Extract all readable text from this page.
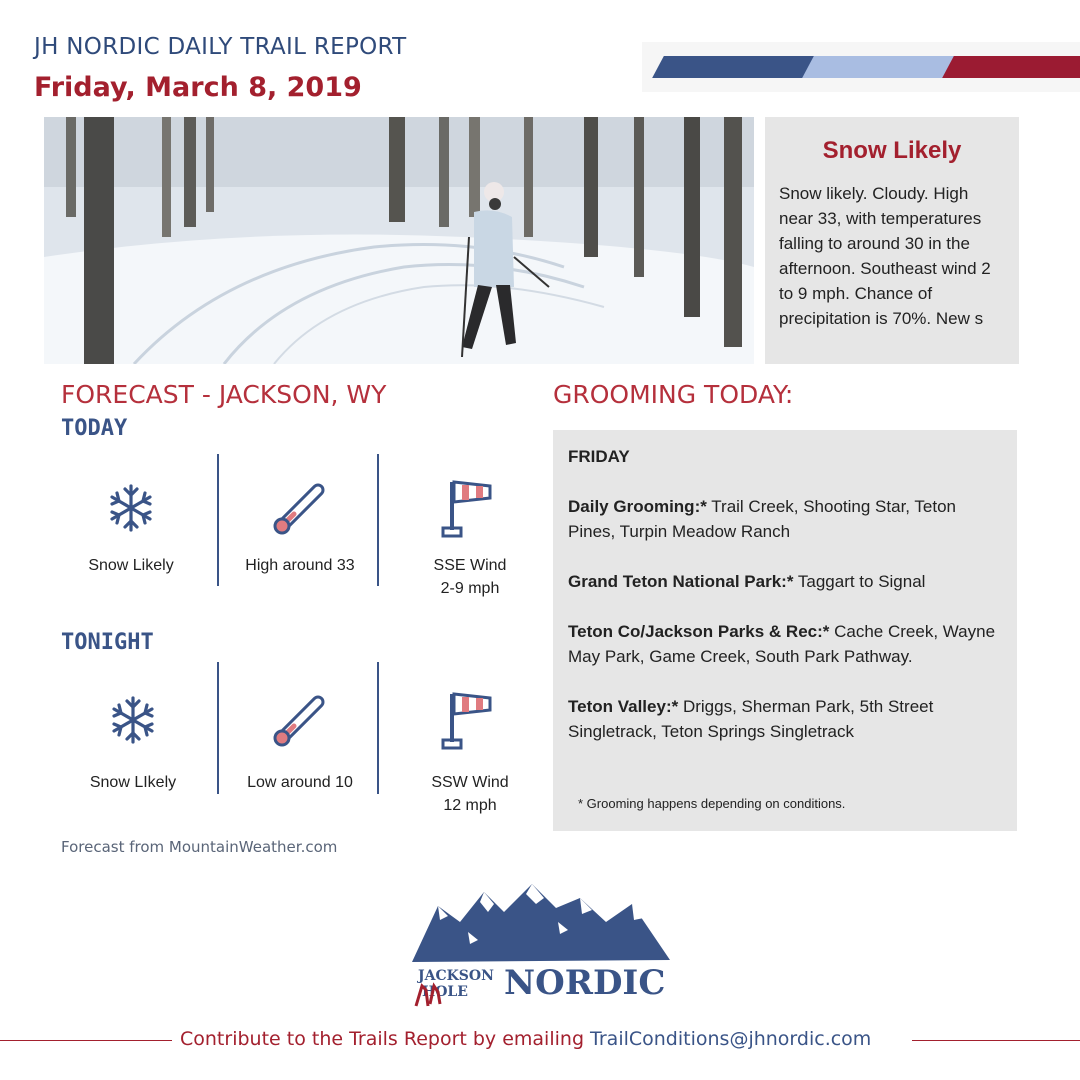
JH NORDIC DAILY TRAIL REPORT
Friday, March 8, 2019
Snow Likely
Snow likely. Cloudy. High near 33, with temperatures falling to around 30 in the afternoon. Southeast wind 2 to 9 mph. Chance of precipitation is 70%. New s
FORECAST - JACKSON, WY
TODAY
Snow Likely	High around 33	SSE Wind
2-9 mph
TONIGHT
Snow LIkely	Low around 10	SSW Wind
12 mph
Forecast from MountainWeather.com
GROOMING TODAY:
FRIDAY
Daily Grooming:* Trail Creek, Shooting Star, Teton Pines, Turpin Meadow Ranch
Grand Teton National Park:* Taggart to Signal
Teton Co/Jackson Parks & Rec:* Cache Creek, Wayne May Park, Game Creek, South Park Pathway.
Teton Valley:* Driggs, Sherman Park, 5th Street Singletrack, Teton Springs Singletrack
* Grooming happens depending on conditions.
JACKSON
HOLE NORDIC
Contribute to the Trails Report by emailing TrailConditions@jhnordic.com
